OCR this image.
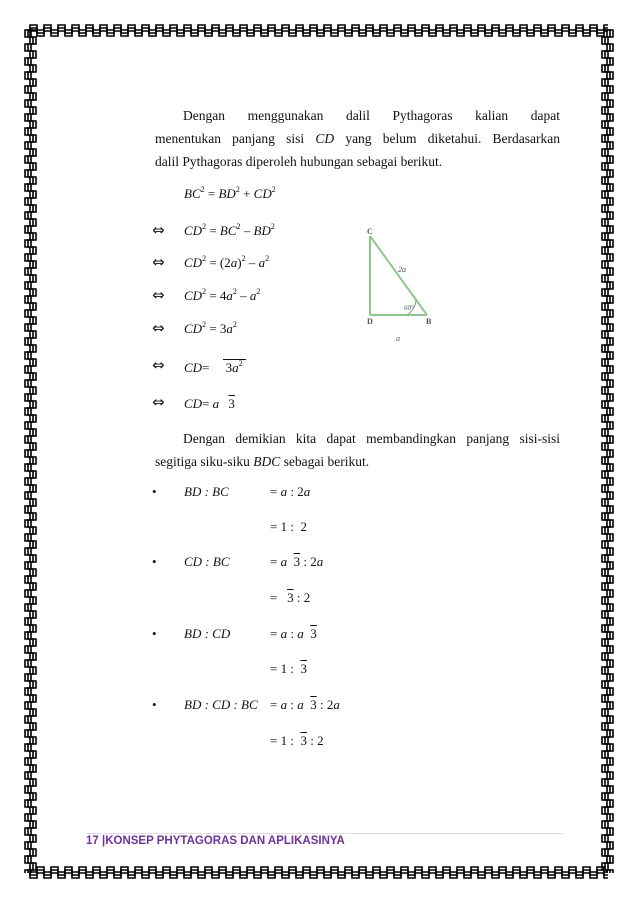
Dengan menggunakan dalil Pythagoras kalian dapat
menentukan panjang sisi CD yang belum diketahui. Berdasarkan
dalil Pythagoras diperoleh hubungan sebagai berikut.
$BC^2 = BD^2 + CD^2$
⇔ $CD^2 = BC^2 - BD^2$
⇔ $CD^2 = (2a)^2 - a^2$
⇔ $CD^2 = 4a^2 - a^2$
⇔ $CD^2 = 3a^2$
⇔ $CD= 3a^2$
⇔ CD= a 3
C
D	B
2a
a
60°
Dengan demikian kita dapat membandingkan panjang sisi-sisi
segitiga siku-siku BDC sebagai berikut.
• BD : BC	= a : 2a
= 1 :  2
• CD : BC	= a 3 : 2a
=   3 : 2
• BD : CD	= a : a 3
= 1 :  3
• BD : CD : BC = a : a 3 : 2a
= 1 :  3 : 2
17 |KONSEP PHYTAGORAS DAN APLIKASINYA
